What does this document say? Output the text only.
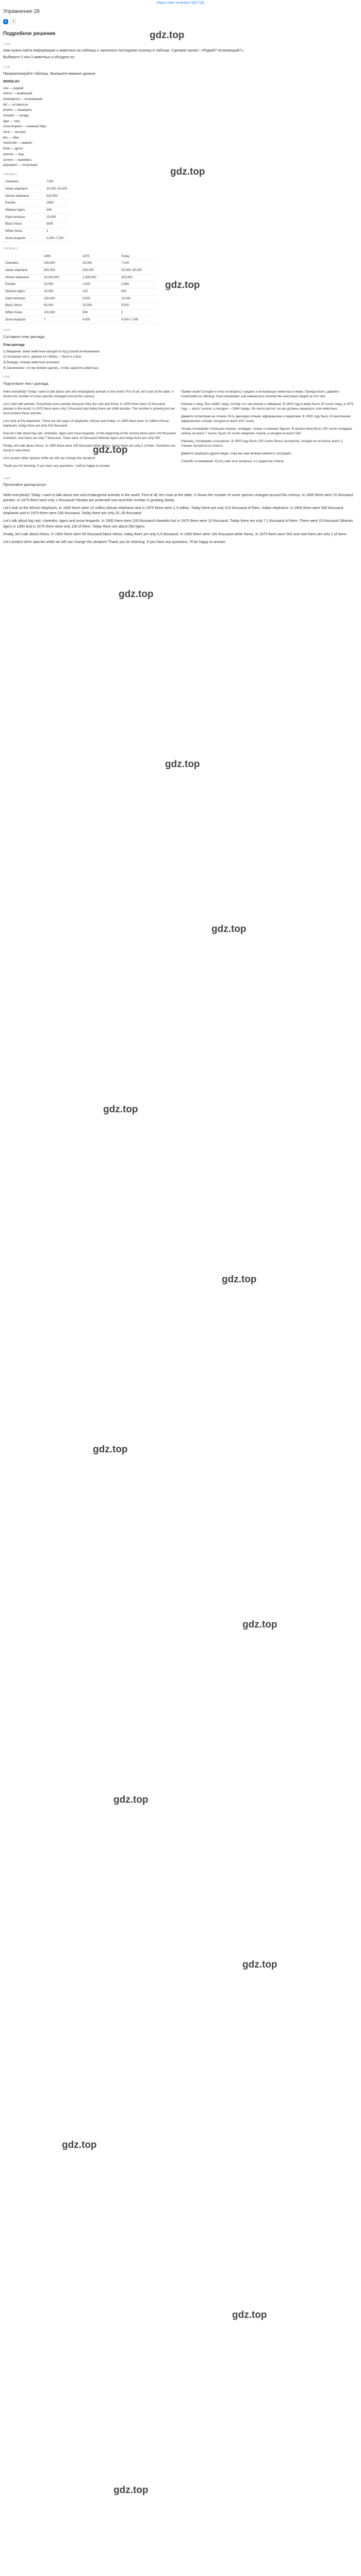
Ищете ответ на вопрос ГДЗ? ГДЗ
Упражнение 28
1	2
Подробное решение
1 ШАГ

Нам нужно найти информацию о животных на таблицы и заполнить последнюю колонку в таблице. Сделаем проект: «Редкий? Исчезающий?».

Выберите 2 или 3 животных и обсудите их.

2 ШАГ
Проанализируйте таблицы. Выпишите важные данные.
WORDLIST
rare — редкий
extinct — вымерший
endangered — исчезающий
left — оставаться
protect — защищать
cheetah — гепард
tiger — тигр
snow leopard — снежный барс
rhino — носорог
ibis — ибис
mammoth — мамонт
dodo — дронт
species — вид
survive — выживать
population — популяция
ТАБЛИЦА 1
Cheetahs	7100
Indian elephants	20,000–25,000
African elephants	415,000
Pandas	1864
Siberian tigers	540
Giant tortoises	15,000
Black rhinos	5500
White rhinos	2
Snow leopards	4,000–7,000
ТАБЛИЦА 2
	1900	1975	Today
Cheetahs	100,000	15,000	7,100
Indian elephants	500,000	200,000	25,000–35,000
African elephants	10,000,000	1,300,000	415,000
Pandas	15,000	1,000	1,864
Siberian tigers	15,000	130	540
Giant tortoises	250,000	3,000	15,000
Black rhinos	65,000	15,000	5,500
White rhinos	100,000	500	2
Snow leopards	?	4,000	4,000–7,000
3 ШАГ
Составьте план доклада.
План доклада
1) Введение: какие животные находятся под угрозой исчезновения.
2) Основная часть: данные из таблиц — было и стало.
3) Выводы: почему животные исчезают.
4) Заключение: что мы можем сделать, чтобы защитить животных.
4 ШАГ
Подготовьте текст доклада.

Hello everybody! Today I want to talk about rare and endangered animals in the world. First of all, let's look at the table. It shows the number of some species changed around this century.

Let's start with pandas. Everybody loves pandas because they are cute and funny. In 1900 there were 15 thousand pandas in the world, in 1975 there were only 1 thousand and today there are 1864 pandas. The number is growing but we must protect these animals.

Let's look at the elephants. There are two types of elephants: African and Indian. In 1900 there were 10 million African elephants, today there are only 415 thousand.

Now let's talk about big cats: cheetahs, tigers and snow leopards. At the beginning of the century there were 100 thousand cheetahs, now there are only 7 thousand. There were 15 thousand Siberian tigers and today there are only 540.

Finally, let's talk about rhinos. In 1900 there were 100 thousand white rhinos, today there are only 2 of them. Scientists are trying to save them.

Let's protect other species while we still can change the situation!

Thank you for listening. If you have any questions, I will be happy to answer.

Привет всем! Сегодня я хочу поговорить о редких и исчезающих животных в мире. Прежде всего, давайте посмотрим на таблицу. Она показывает, как изменилось количество некоторых видов за этот век.

Начнем с панд. Все любят панд, потому что они милые и забавные. В 1900 году в мире было 15 тысяч панд, в 1975 году — всего тысяча, а сегодня — 1864 панды. Их число растет, но мы должны защищать этих животных.

Давайте посмотрим на слонов. Есть два вида слонов: африканские и индийские. В 1900 году было 10 миллионов африканских слонов, сегодня их всего 415 тысяч.

Теперь поговорим о больших кошках: гепардах, тиграх и снежных барсах. В начале века было 100 тысяч гепардов, сейчас их всего 7 тысяч. Было 15 тысяч амурских тигров, а сегодня их всего 540.

Наконец, поговорим о носорогах. В 1900 году было 100 тысяч белых носорогов, сегодня их осталось всего 2. Ученые пытаются их спасти.

Давайте защищать другие виды, пока мы еще можем изменить ситуацию!

Спасибо за внимание. Если у вас есть вопросы, я с радостью отвечу.

5 ШАГ
Прочитайте доклад вслух.

Hello everybody! Today I want to talk about rare and endangered animals in the world. First of all, let's look at the table. It shows the number of some species changed around this century. In 1900 there were 15 thousand pandas. In 1975 there were only 1 thousand! Pandas are protected now and their number is growing slowly.

Let's look at the African elephants. In 1900 there were 10 million African elephants and in 1975 there were 1,3 million. Today there are only 415 thousand of them. Indian elephants: in 1900 there were 500 thousand elephants and in 1975 there were 200 thousand. Today there are only 25–35 thousand.

Let's talk about big cats: cheetahs, tigers and snow leopards. In 1900 there were 100 thousand cheetahs but in 1975 there were 15 thousand. Today there are only 7,1 thousand of them. There were 15 thousand Siberian tigers in 1900 and in 1975 there were only 130 of them. Today there are about 540 tigers.

Finally, let's talk about rhinos. In 1900 there were 65 thousand black rhinos, today there are only 5,5 thousand. In 1900 there were 100 thousand white rhinos, in 1975 there were 500 and now there are only 2 of them.

Let's protect other species while we still can change the situation! Thank you for listening. If you have any questions, I'll be happy to answer.

gdz.top
gdz.top
gdz.top
gdz.top
gdz.top
gdz.top
gdz.top
gdz.top
gdz.top
gdz.top
gdz.top
gdz.top
gdz.top
gdz.top
gdz.top
gdz.top
